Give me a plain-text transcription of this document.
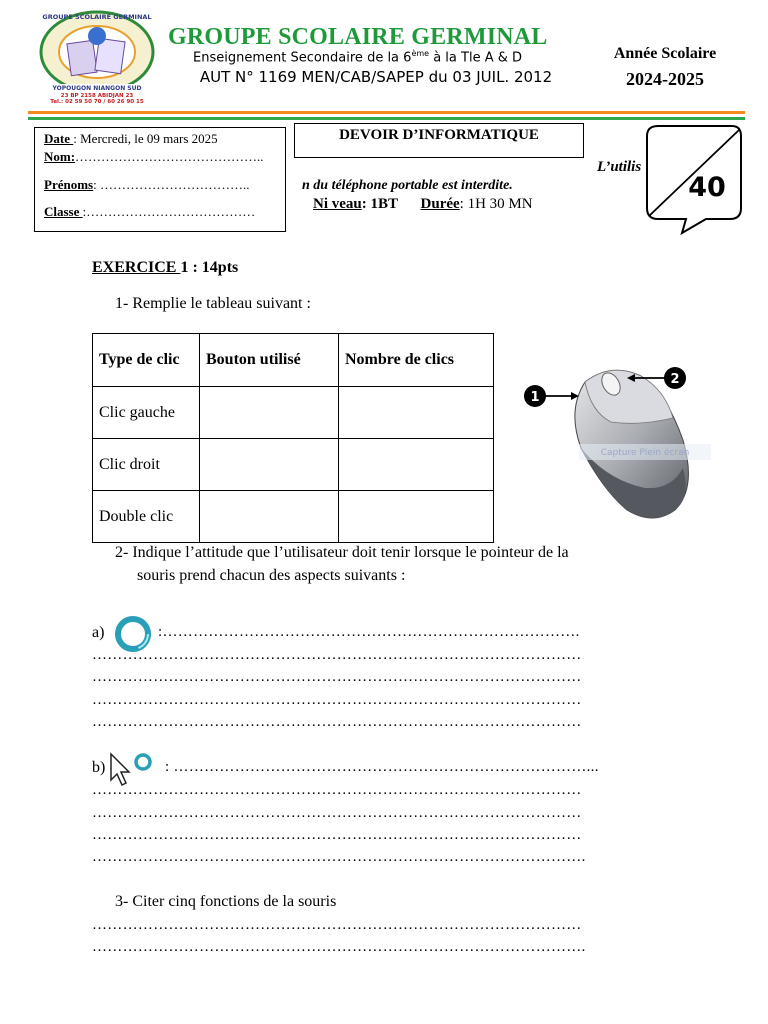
YOPOUGON NIANGON SUD
23 BP 2158 ABIDJAN 23
Tel.: 02 59 50 70 / 60 26 90 15
GROUPE SCOLAIRE GERMINAL
GROUPE SCOLAIRE GERMINAL
Enseignement Secondaire de la 6ème à la Tle A & D
AUT N° 1169 MEN/CAB/SAPEP du 03 JUIL. 2012
Année Scolaire
2024-2025
Date : Mercredi, le 09 mars 2025
Nom:……………………………………..
Prénoms: ……………………………..
Classe :…………………………………
DEVOIR D’INFORMATIQUE
n du téléphone portable est interdite.
L’utilis
Ni veau: 1BT Durée: 1H 30 MN
40
EXERCICE 1 : 14pts
1- Remplie le tableau suivant :
Type de clic	Bouton utilisé	Nombre de clics
Clic gauche		
Clic droit		
Double clic		
Capture Plein écran
1
2
2- Indique l’attitude que l’utilisateur doit tenir lorsque le pointeur de la
souris prend chacun des aspects suivants :
a)	:……………………………………………………………………….
……………………………………………………………………………………
……………………………………………………………………………………
……………………………………………………………………………………
……………………………………………………………………………………
b)	: ………………………………………………………………………...
……………………………………………………………………………………
……………………………………………………………………………………
……………………………………………………………………………………
…………………………………………………………………………………….
3- Citer cinq fonctions de la souris
……………………………………………………………………………………
…………………………………………………………………………………….
